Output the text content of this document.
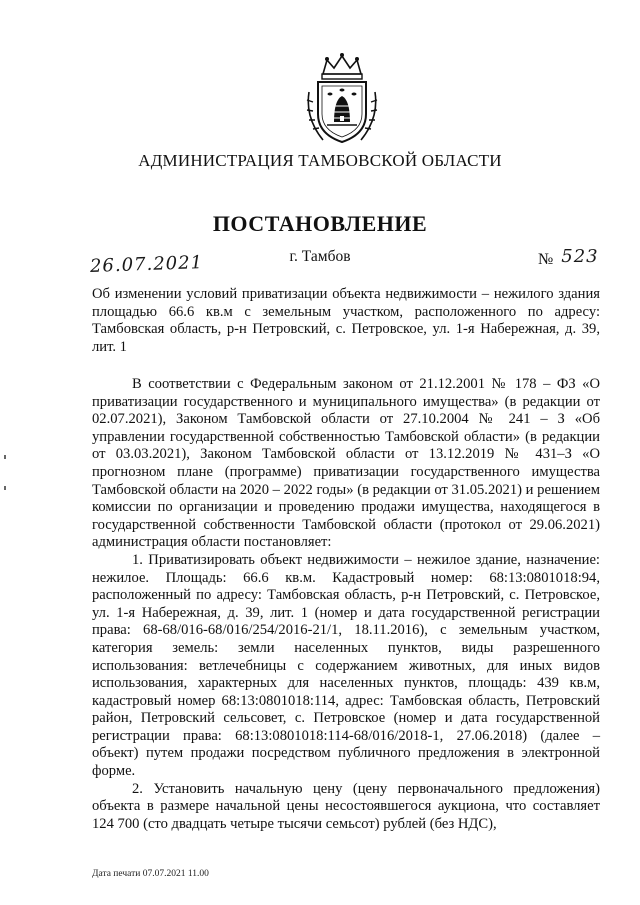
АДМИНИСТРАЦИЯ ТАМБОВСКОЙ ОБЛАСТИ
ПОСТАНОВЛЕНИЕ
26.07.2021	г. Тамбов	№ 523
Об изменении условий приватизации объекта недвижимости – нежилого здания площадью 66.6 кв.м с земельным участком, расположенного по адресу: Тамбовская область, р-н Петровский, с. Петровское, ул. 1-я Набережная, д. 39, лит. 1

В соответствии с Федеральным законом от 21.12.2001 № 178 – ФЗ «О приватизации государственного и муниципального имущества» (в редакции от 02.07.2021), Законом Тамбовской области от 27.10.2004 № 241 – З «Об управлении государственной собственностью Тамбовской области» (в редакции от 03.03.2021), Законом Тамбовской области от 13.12.2019 № 431–З «О прогнозном плане (программе) приватизации государственного имущества Тамбовской области на 2020 – 2022 годы» (в редакции от 31.05.2021) и решением комиссии по организации и проведению продажи имущества, находящегося в государственной собственности Тамбовской области (протокол от 29.06.2021) администрация области постановляет:

1. Приватизировать объект недвижимости – нежилое здание, назначение: нежилое. Площадь: 66.6 кв.м. Кадастровый номер: 68:13:0801018:94, расположенный по адресу: Тамбовская область, р-н Петровский, с. Петровское, ул. 1-я Набережная, д. 39, лит. 1 (номер и дата государственной регистрации права: 68-68/016-68/016/254/2016-21/1, 18.11.2016), с земельным участком, категория земель: земли населенных пунктов, виды разрешенного использования: ветлечебницы с содержанием животных, для иных видов использования, характерных для населенных пунктов, площадь: 439 кв.м, кадастровый номер 68:13:0801018:114, адрес: Тамбовская область, Петровский район, Петровский сельсовет, с. Петровское (номер и дата государственной регистрации права: 68:13:0801018:114-68/016/2018-1, 27.06.2018) (далее – объект) путем продажи посредством публичного предложения в электронной форме.

2. Установить начальную цену (цену первоначального предложения) объекта в размере начальной цены несостоявшегося аукциона, что составляет 124 700 (сто двадцать четыре тысячи семьсот) рублей (без НДС),

Дата печати 07.07.2021 11.00
